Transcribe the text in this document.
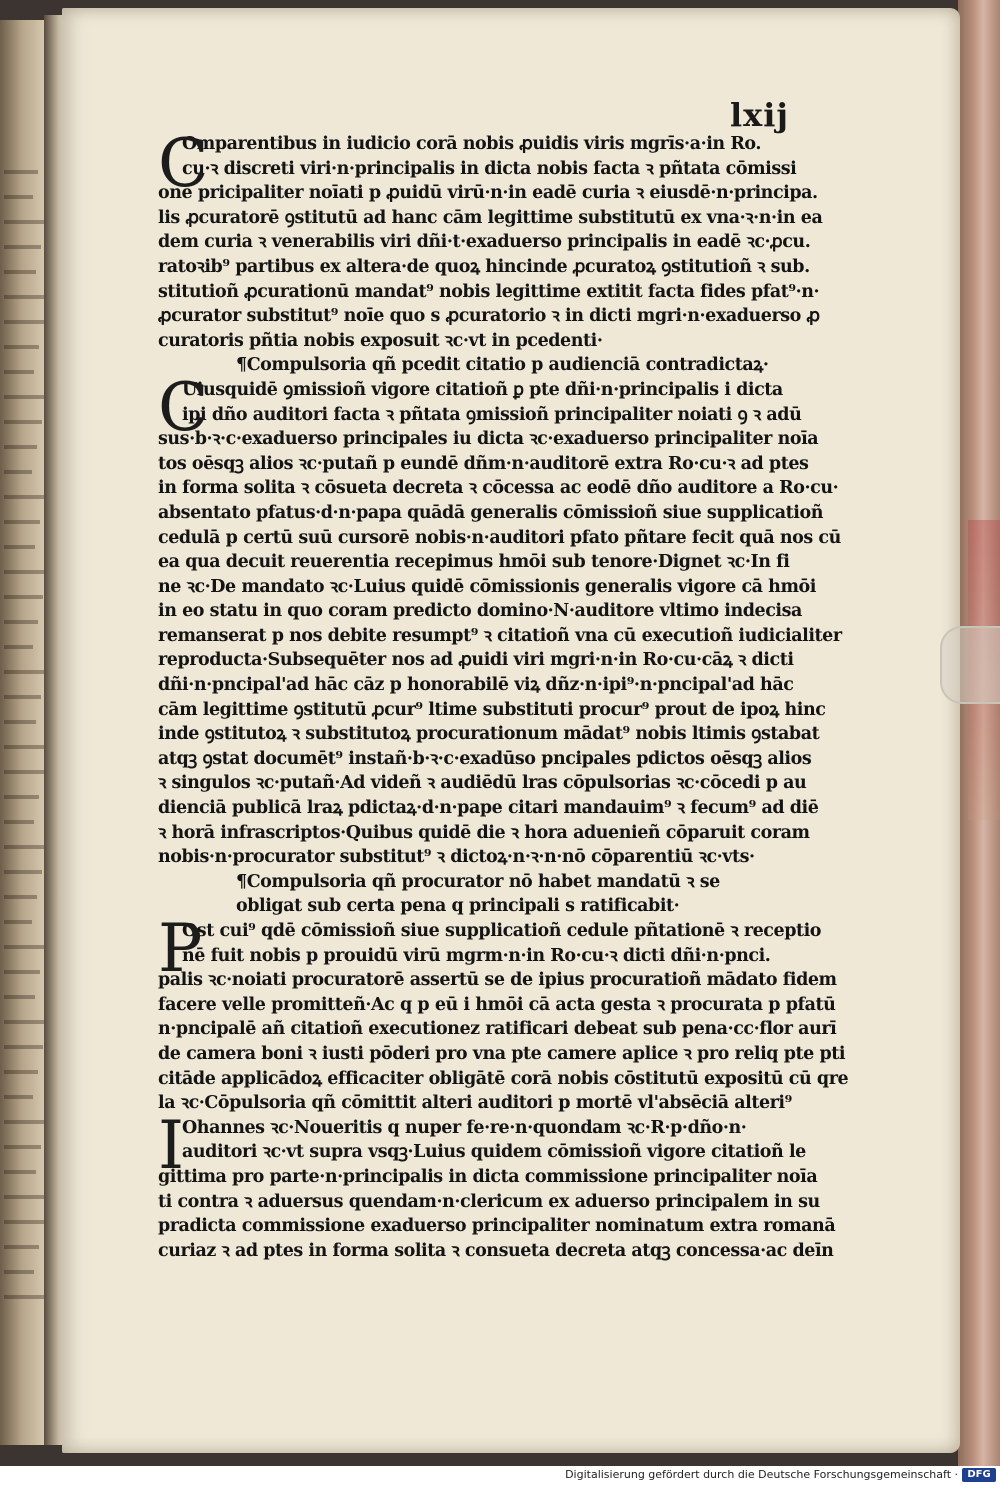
lxij
C
Omparentibus in iudicio corā nobis ꝓuidis viris mgrīs·a·in Ro.
cu·ꝛ discreti viri·n·principalis in dicta nobis facta ꝛ pñtata cōmissi
one pricipaliter noīati p ꝓuidū virū·n·in eadē curia ꝛ eiusdē·n·principa.
lis ꝓcuratorē ꝯstitutū ad hanc cām legittime substitutū ex vna·ꝛ·n·in ea
dem curia ꝛ venerabilis viri dñi·t·exaduerso principalis in eadē ꝛc·ꝓcu.
ratoꝛib⁹ partibus ex altera·de quoꝝ hincinde ꝓcuratoꝝ ꝯstitutioñ ꝛ sub.
stitutioñ ꝓcurationū mandat⁹ nobis legittime extitit facta fides pfat⁹·n·
ꝓcurator substitut⁹ noīe quo s ꝓcuratorio ꝛ in dicti mgri·n·exaduerso ꝓ
curatoris pñtia nobis exposuit ꝛc·vt in pcedenti·
¶Compulsoria qñ pcedit citatio p audienciā contradictaꝝ·
C
Uiusquidē ꝯmissioñ vigore citatioñ ꝑ pte dñi·n·principalis i dicta
ipi dño auditori facta ꝛ pñtata ꝯmissioñ principaliter noiati ꝯ ꝛ adū
sus·b·ꝛ·c·exaduerso principales iu dicta ꝛc·exaduerso principaliter noīa
tos oēsqꝫ alios ꝛc·putañ p eundē dñm·n·auditorē extra Ro·cu·ꝛ ad ptes
in forma solita ꝛ cōsueta decreta ꝛ cōcessa ac eodē dño auditore a Ro·cu·
absentato pfatus·d·n·papa quādā generalis cōmissioñ siue supplicatioñ
cedulā p certū suū cursorē nobis·n·auditori pfato pñtare fecit quā nos cū
ea qua decuit reuerentia recepimus hmōi sub tenore·Dignet ꝛc·In fi
ne ꝛc·De mandato ꝛc·Luius quidē cōmissionis generalis vigore cā hmōi
in eo statu in quo coram predicto domino·N·auditore vltimo indecisa
remanserat p nos debite resumpt⁹ ꝛ citatioñ vna cū executioñ iudicialiter
reproducta·Subsequēter nos ad ꝓuidi viri mgri·n·in Ro·cu·cāꝝ ꝛ dicti
dñi·n·pncipal'ad hāc cāz p honorabilē viꝝ dñz·n·ipi⁹·n·pncipal'ad hāc
cām legittime ꝯstitutū ꝓcur⁹ ltime substituti procur⁹ prout de ipoꝝ hinc
inde ꝯstitutoꝝ ꝛ substitutoꝝ procurationum mādat⁹ nobis ltimis ꝯstabat
atqꝫ ꝯstat documēt⁹ instañ·b·ꝛ·c·exadūso pncipales pdictos oēsqꝫ alios
ꝛ singulos ꝛc·putañ·Ad videñ ꝛ audiēdū lras cōpulsorias ꝛc·cōcedi p au
dienciā publicā lraꝝ pdictaꝝ·d·n·pape citari mandauim⁹ ꝛ fecum⁹ ad diē
ꝛ horā infrascriptos·Quibus quidē die ꝛ hora aduenieñ cōparuit coram
nobis·n·procurator substitut⁹ ꝛ dictoꝝ·n·ꝛ·n·nō cōparentiū ꝛc·vts·
¶Compulsoria qñ procurator nō habet mandatū ꝛ se
obligat sub certa pena q principali s ratificabit·
P
Ost cui⁹ qdē cōmissioñ siue supplicatioñ cedule pñtationē ꝛ receptio
nē fuit nobis p prouidū virū mgrm·n·in Ro·cu·ꝛ dicti dñi·n·pnci.
palis ꝛc·noiati procuratorē assertū se de ipius procuratioñ mādato fidem
facere velle promitteñ·Ac q p eū i hmōi cā acta gesta ꝛ procurata p pfatū
n·pncipalē añ citatioñ executionez ratificari debeat sub pena·cc·flor aurī
de camera boni ꝛ iusti pōderi pro vna pte camere aplice ꝛ pro reliq pte pti
citāde applicādoꝝ efficaciter obligātē corā nobis cōstitutū expositū cū qre
la ꝛc·Cōpulsoria qñ cōmittit alteri auditori p mortē vl'absēciā alteri⁹
I
Ohannes ꝛc·Noueritis q nuper fe·re·n·quondam ꝛc·R·p·dño·n·
auditori ꝛc·vt supra vsqꝫ·Luius quidem cōmissioñ vigore citatioñ le
gittima pro parte·n·principalis in dicta commissione principaliter noīa
ti contra ꝛ aduersus quendam·n·clericum ex aduerso principalem in su
pradicta commissione exaduerso principaliter nominatum extra romanā
curiaz ꝛ ad ptes in forma solita ꝛ consueta decreta atqꝫ concessa·ac deīn
Digitalisierung gefördert durch die Deutsche Forschungsgemeinschaft · DFG
